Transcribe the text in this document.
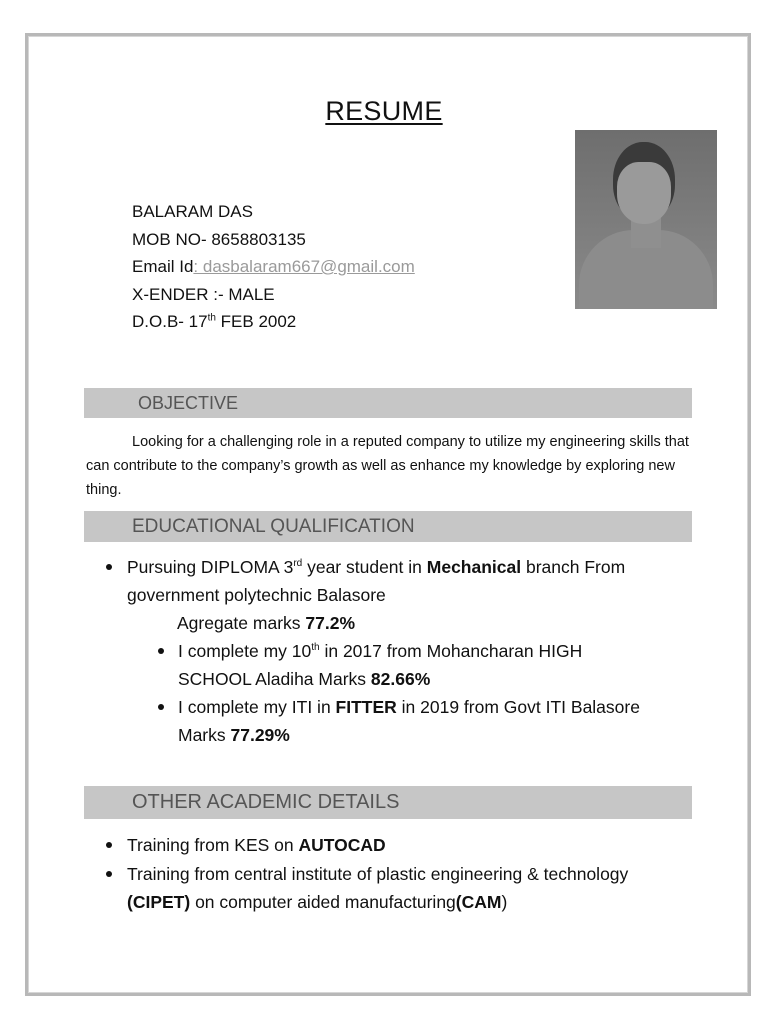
RESUME
BALARAM DAS
MOB NO- 8658803135
Email Id: dasbalaram667@gmail.com
X-ENDER :- MALE
D.O.B- 17th FEB 2002
OBJECTIVE
Looking for a challenging role in a reputed company to utilize my engineering skills that can contribute to the company’s growth as well as enhance my knowledge by exploring new thing.
EDUCATIONAL QUALIFICATION
Pursuing DIPLOMA 3rd year student in Mechanical branch From
government polytechnic Balasore
Agregate marks 77.2%
I complete my 10th in 2017 from Mohancharan HIGH
SCHOOL Aladiha Marks 82.66%
I complete my ITI in FITTER in 2019 from Govt ITI Balasore
Marks 77.29%
OTHER ACADEMIC DETAILS
Training from KES on AUTOCAD
Training from central institute of plastic engineering & technology
(CIPET) on computer aided manufacturing(CAM)
